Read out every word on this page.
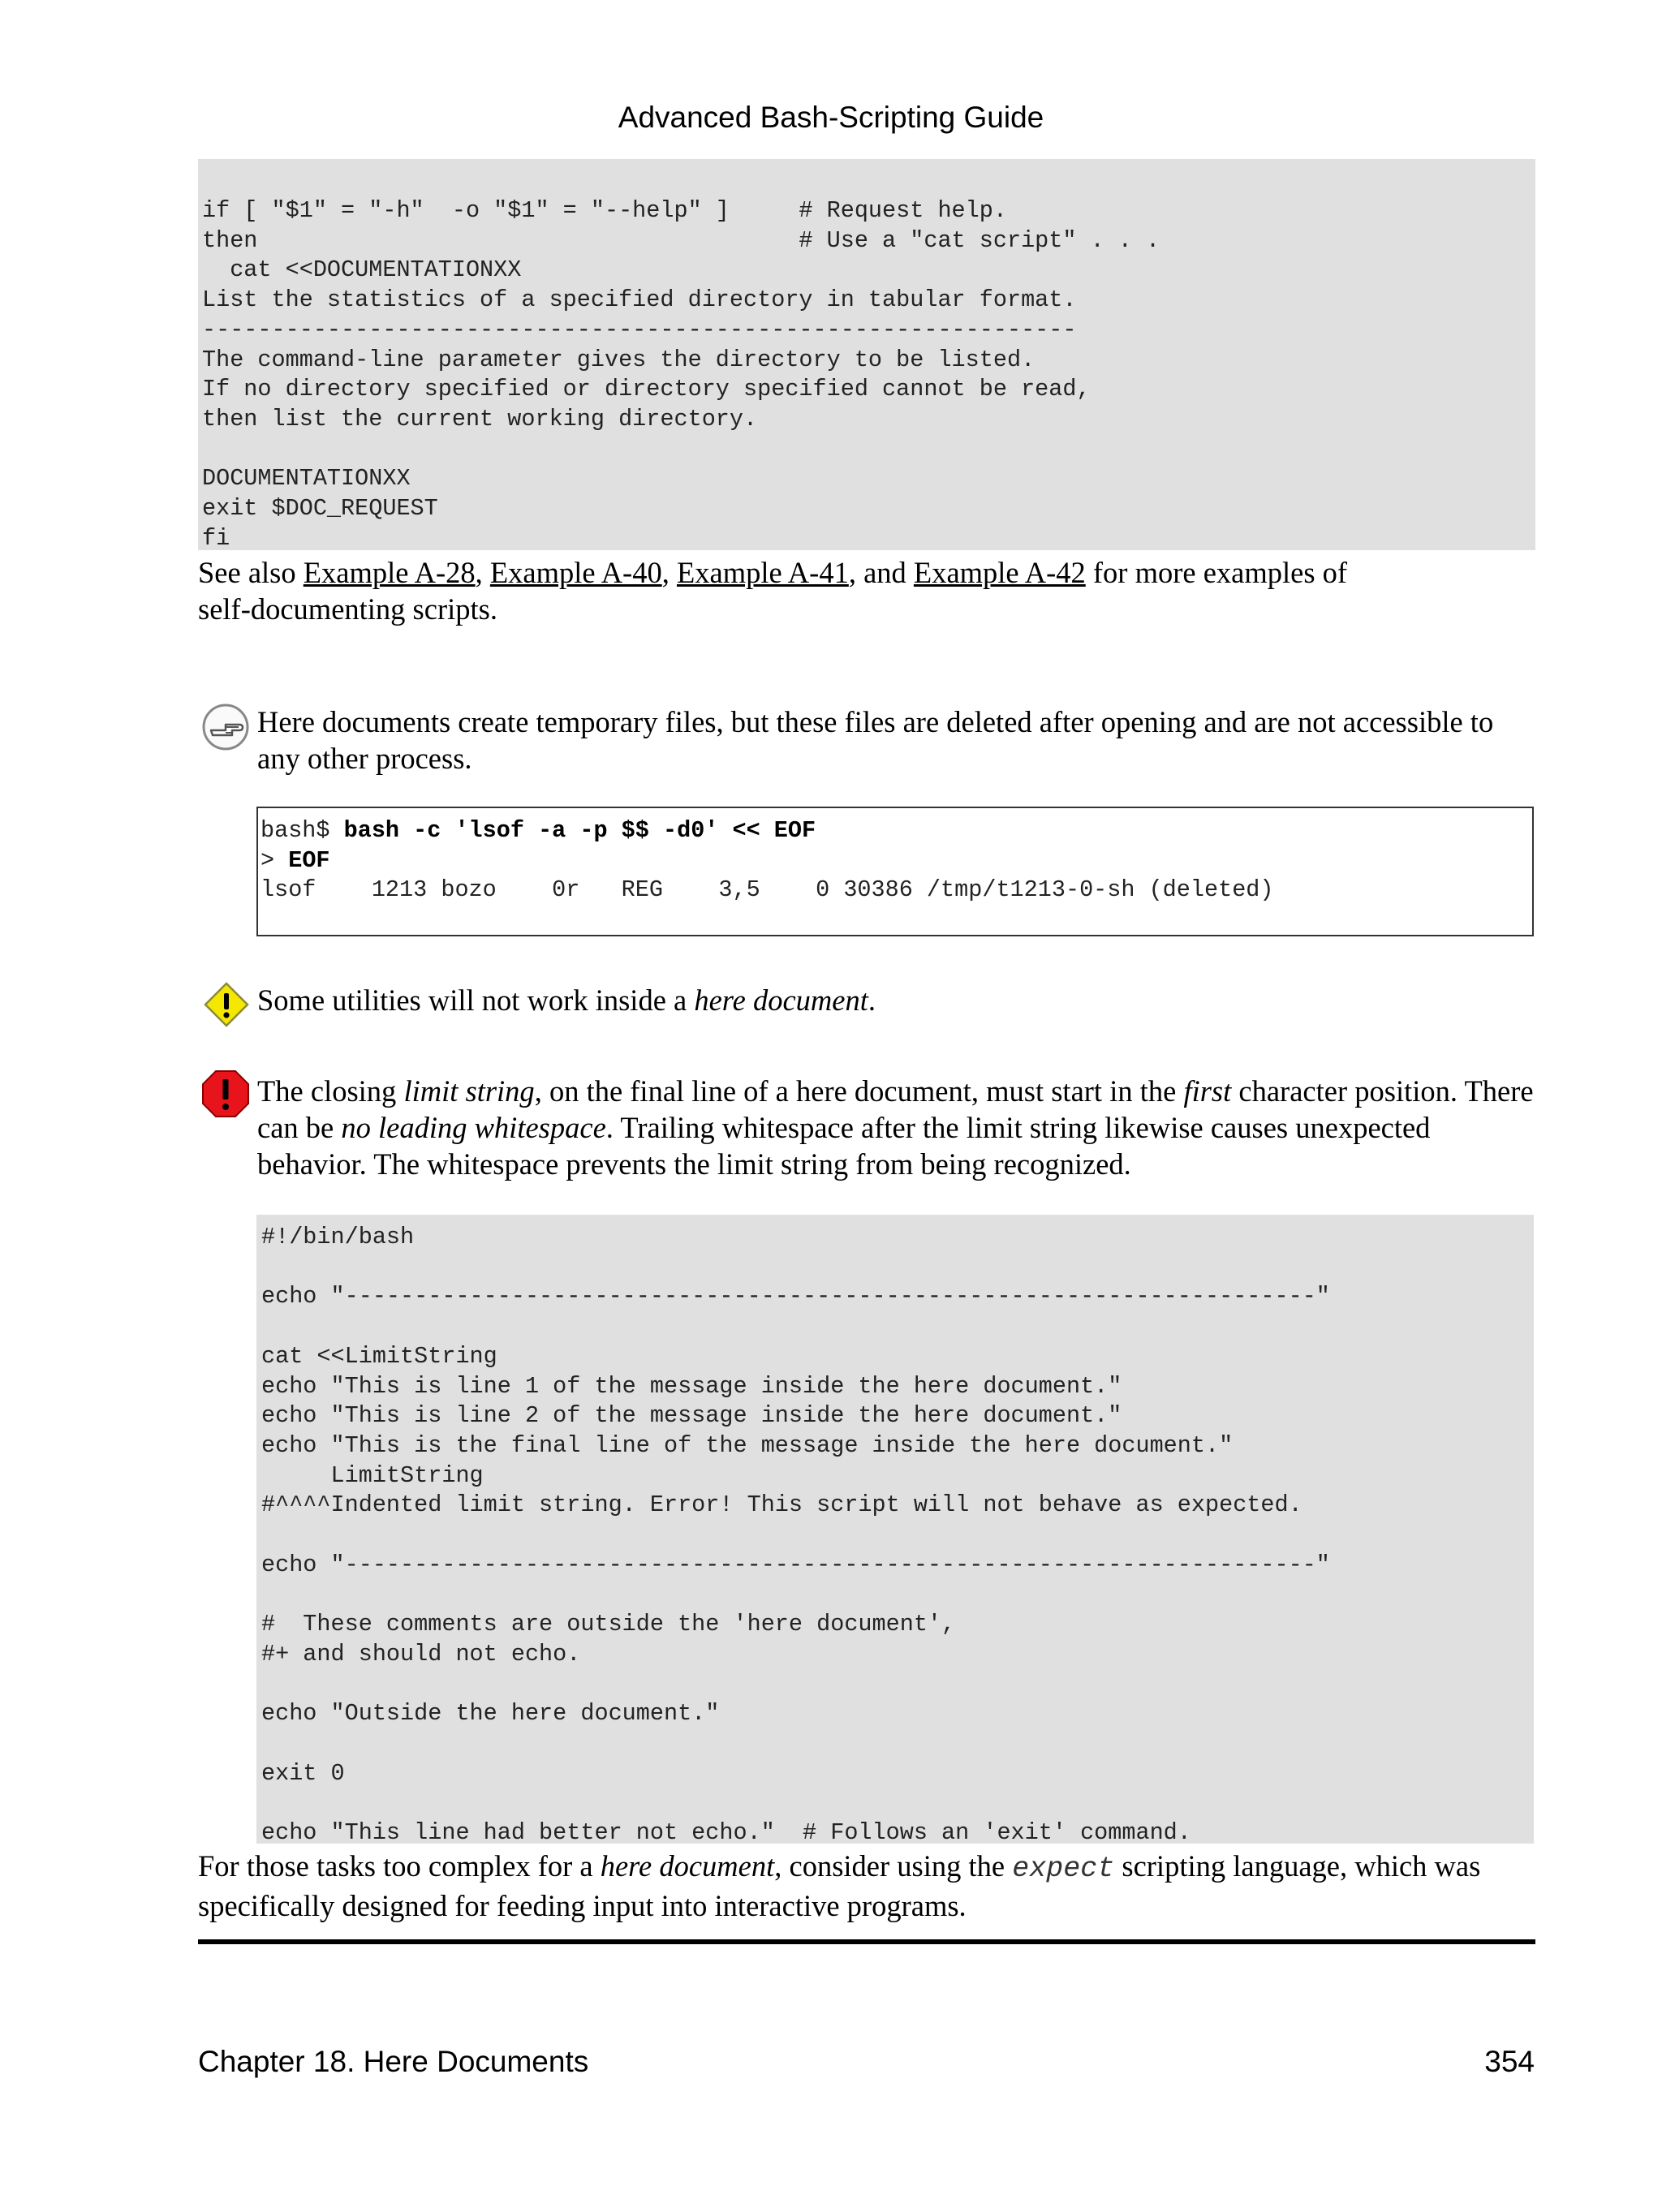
Advanced Bash-Scripting Guide
if [ "$1" = "-h"  -o "$1" = "--help" ]     # Request help.
then                                       # Use a "cat script" . . .
cat <<DOCUMENTATIONXX
List the statistics of a specified directory in tabular format.
---------------------------------------------------------------
The command-line parameter gives the directory to be listed.
If no directory specified or directory specified cannot be read,
then list the current working directory.

DOCUMENTATIONXX
exit $DOC_REQUEST
fi
See also Example A-28, Example A-40, Example A-41, and Example A-42 for more examples of
self-documenting scripts.
Here documents create temporary files, but these files are deleted after opening and are not accessible to any other process.
bash$ bash -c 'lsof -a -p $$ -d0' << EOF
> EOF
lsof    1213 bozo    0r   REG    3,5    0 30386 /tmp/t1213-0-sh (deleted)
Some utilities will not work inside a here document.
The closing limit string, on the final line of a here document, must start in the first character position. There can be no leading whitespace. Trailing whitespace after the limit string likewise causes unexpected behavior. The whitespace prevents the limit string from being recognized.
#!/bin/bash

echo "----------------------------------------------------------------------"

cat <<LimitString
echo "This is line 1 of the message inside the here document."
echo "This is line 2 of the message inside the here document."
echo "This is the final line of the message inside the here document."
LimitString
#^^^^Indented limit string. Error! This script will not behave as expected.

echo "----------------------------------------------------------------------"

#  These comments are outside the 'here document',
#+ and should not echo.

echo "Outside the here document."

exit 0

echo "This line had better not echo."  # Follows an 'exit' command.
For those tasks too complex for a here document, consider using the expect scripting language, which was specifically designed for feeding input into interactive programs.
Chapter 18. Here Documents	354
